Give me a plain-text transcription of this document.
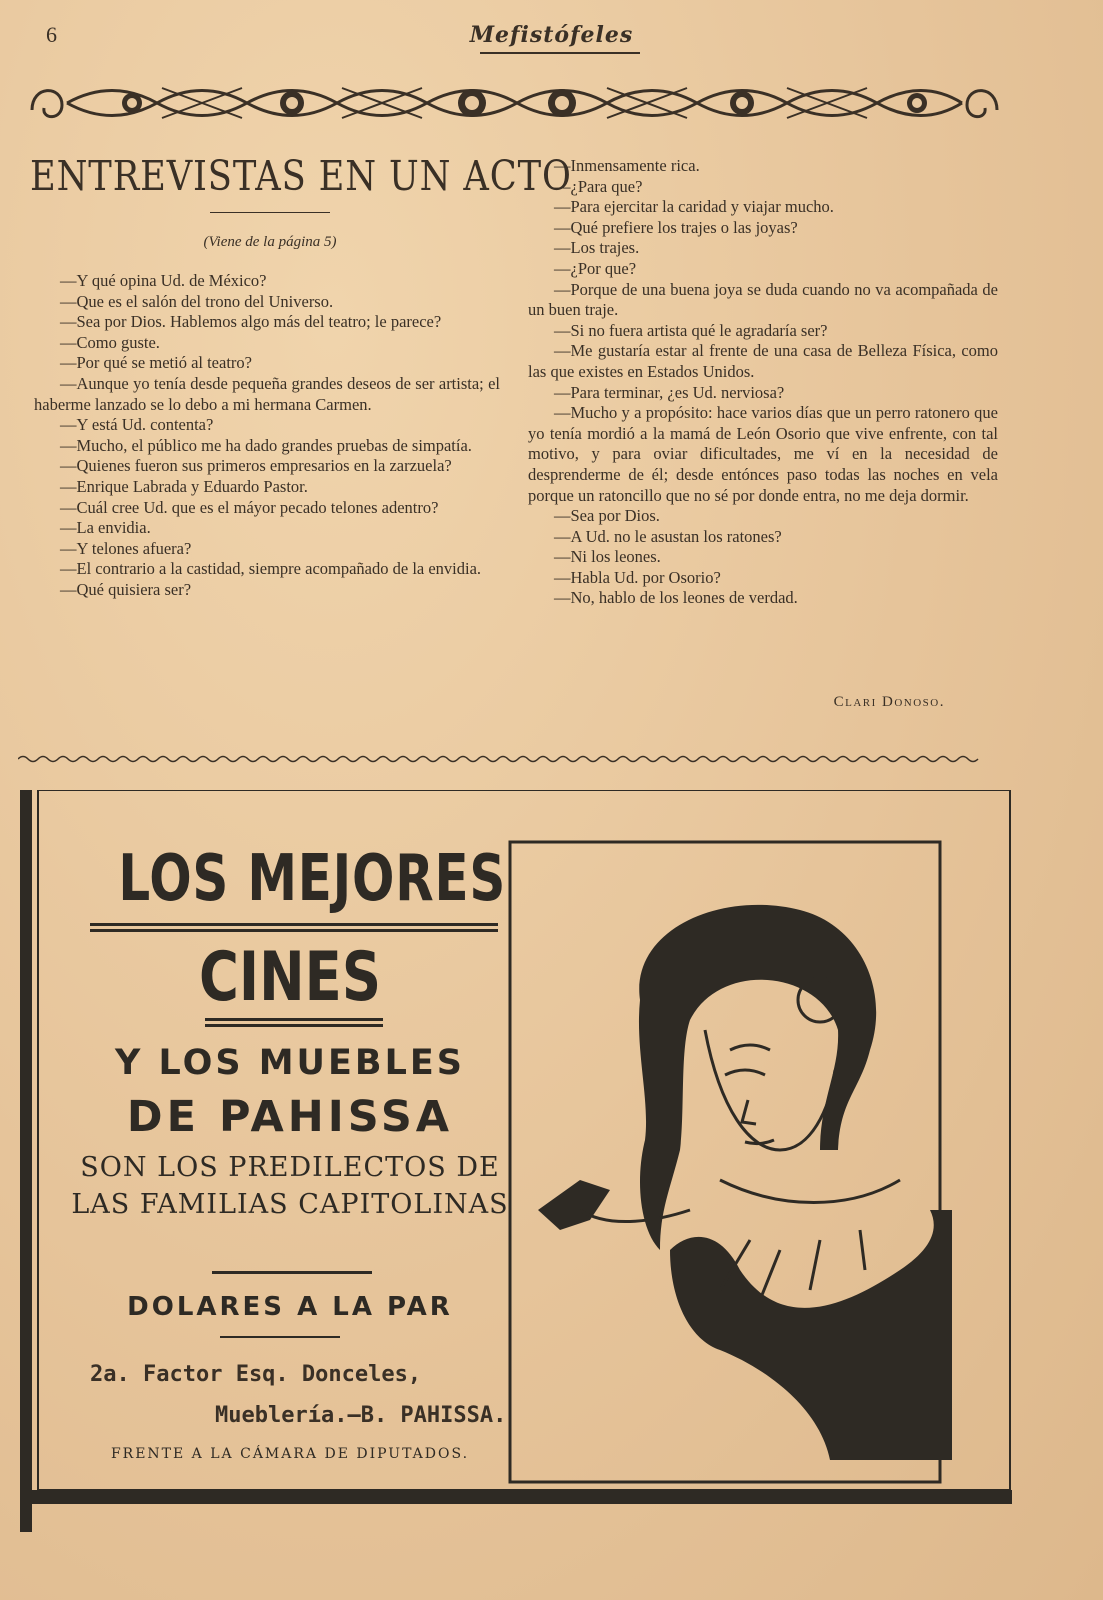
6	Mefistófeles
ENTREVISTAS EN UN ACTO
(Viene de la página 5)

—Y qué opina Ud. de México?

—Que es el salón del trono del Universo.

—Sea por Dios. Hablemos algo más del teatro; le parece?

—Como guste.

—Por qué se metió al teatro?

—Aunque yo tenía desde pequeña grandes deseos de ser artista; el haberme lanzado se lo debo a mi hermana Carmen.

—Y está Ud. contenta?

—Mucho, el público me ha dado grandes pruebas de simpatía.

—Quienes fueron sus primeros empresarios en la zarzuela?

—Enrique Labrada y Eduardo Pastor.

—Cuál cree Ud. que es el máyor pecado telones adentro?

—La envidia.

—Y telones afuera?

—El contrario a la castidad, siempre acompañado de la envidia.

—Qué quisiera ser?

—Inmensamente rica.

—¿Para que?

—Para ejercitar la caridad y viajar mucho.

—Qué prefiere los trajes o las joyas?

—Los trajes.

—¿Por que?

—Porque de una buena joya se duda cuando no va acompañada de un buen traje.

—Si no fuera artista qué le agradaría ser?

—Me gustaría estar al frente de una casa de Belleza Física, como las que existes en Estados Unidos.

—Para terminar, ¿es Ud. nerviosa?

—Mucho y a propósito: hace varios días que un perro ratonero que yo tenía mordió a la mamá de León Osorio que vive enfrente, con tal motivo, y para oviar dificultades, me ví en la necesidad de desprenderme de él; desde entónces paso todas las noches en vela porque un ratoncillo que no sé por donde entra, no me deja dormir.

—Sea por Dios.

—A Ud. no le asustan los ratones?

—Ni los leones.

—Habla Ud. por Osorio?

—No, hablo de los leones de verdad.

Clari Donoso.
LOS MEJORES
CINES
Y LOS MUEBLES
DE PAHISSA
SON LOS PREDILECTOS DE LAS FAMILIAS CAPITOLINAS
DOLARES A LA PAR
2a. Factor Esq. Donceles,
Mueblería.—B. PAHISSA.
FRENTE A LA CÁMARA DE DIPUTADOS.
